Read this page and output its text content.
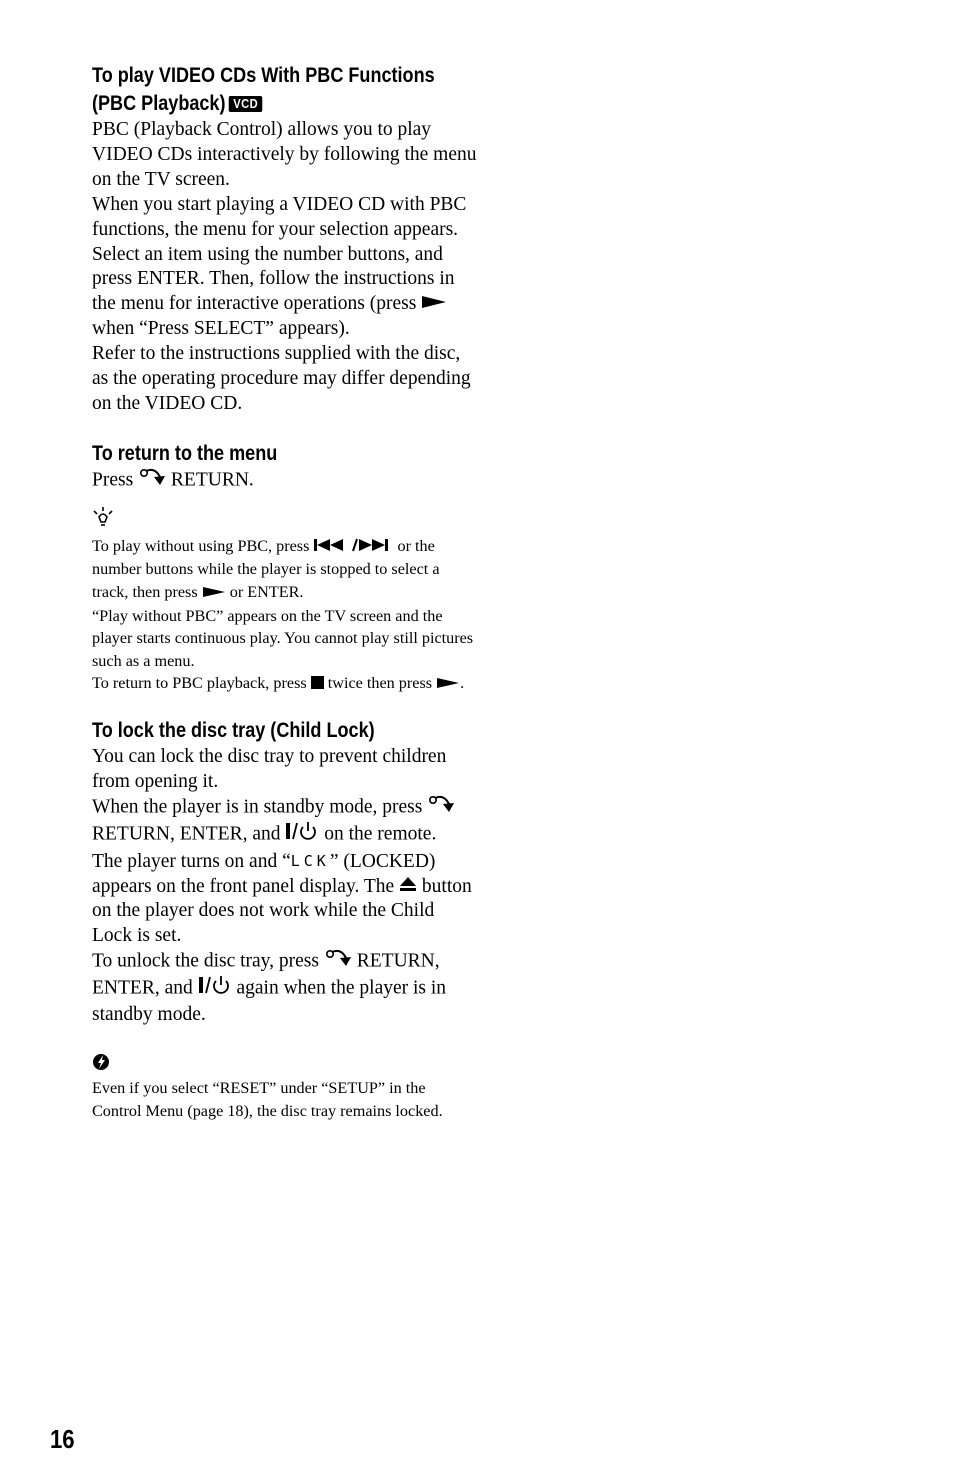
To play VIDEO CDs With PBC Functions
(PBC Playback) VCD

PBC (Playback Control) allows you to play VIDEO CDs interactively by following the menu on the TV screen.

When you start playing a VIDEO CD with PBC functions, the menu for your selection appears.

Select an item using the number buttons, and press ENTER. Then, follow the instructions in the menu for interactive operations (press  when “Press SELECT” appears).

Refer to the instructions supplied with the disc, as the operating procedure may differ depending on the VIDEO CD.

To return to the menu

Press RETURN.

To play without using PBC, press	or the number buttons while the player is stopped to select a track, then press or ENTER.

“Play without PBC” appears on the TV screen and the player starts continuous play. You cannot play still pictures such as a menu.

To return to PBC playback, press twice then press .

To lock the disc tray (Child Lock)

You can lock the disc tray to prevent children from opening it.

When the player is in standby mode, press  RETURN, ENTER, and on the remote.

The player turns on and “LCK” (LOCKED) appears on the front panel display. The button on the player does not work while the Child Lock is set.

To unlock the disc tray, press RETURN, ENTER, and again when the player is in standby mode.

Even if you select “RESET” under “SETUP” in the Control Menu (page 18), the disc tray remains locked.

16
